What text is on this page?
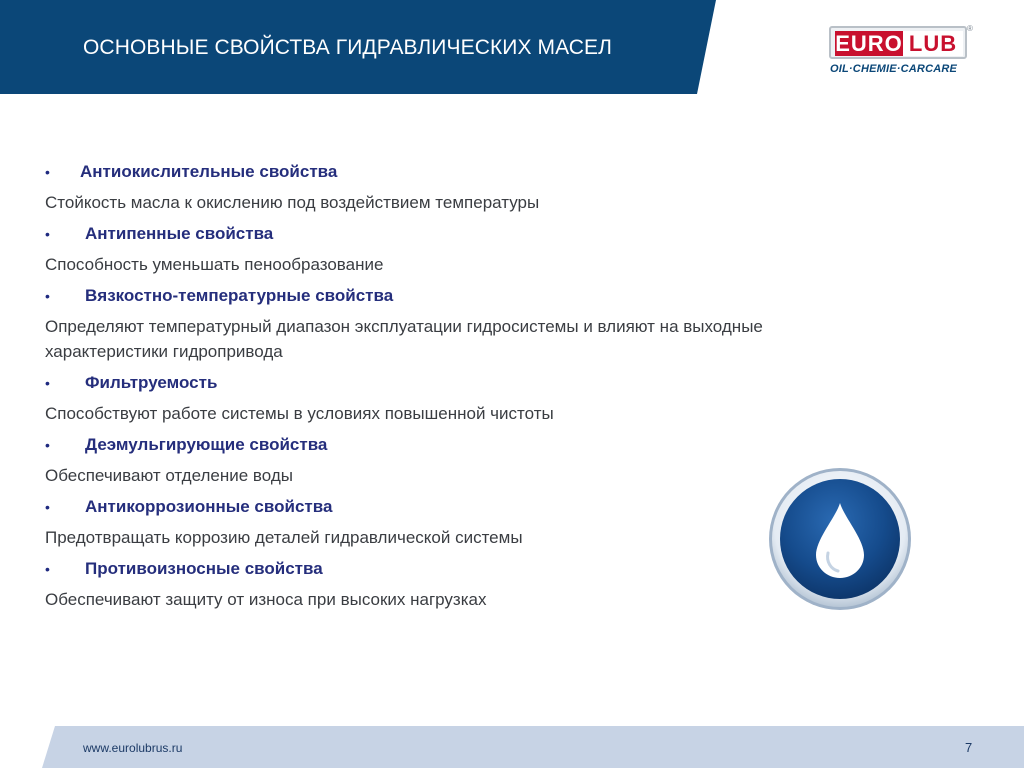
ОСНОВНЫЕ СВОЙСТВА ГИДРАВЛИЧЕСКИХ МАСЕЛ	EURO LUB
®
OIL·CHEMIE·CARCARE
• Антиокислительные свойства
Стойкость масла к окислению под воздействием температуры
• Антипенные свойства
Способность уменьшать пенообразование
• Вязкостно-температурные свойства
Определяют температурный диапазон эксплуатации гидросистемы и влияют на выходные характеристики гидропривода
• Фильтруемость
Способствуют работе системы в условиях повышенной чистоты
• Деэмульгирующие свойства
Обеспечивают отделение воды
• Антикоррозионные свойства
Предотвращать коррозию деталей гидравлической системы
• Противоизносные свойства
Обеспечивают защиту от износа при высоких нагрузках
www.eurolubrus.ru	7
